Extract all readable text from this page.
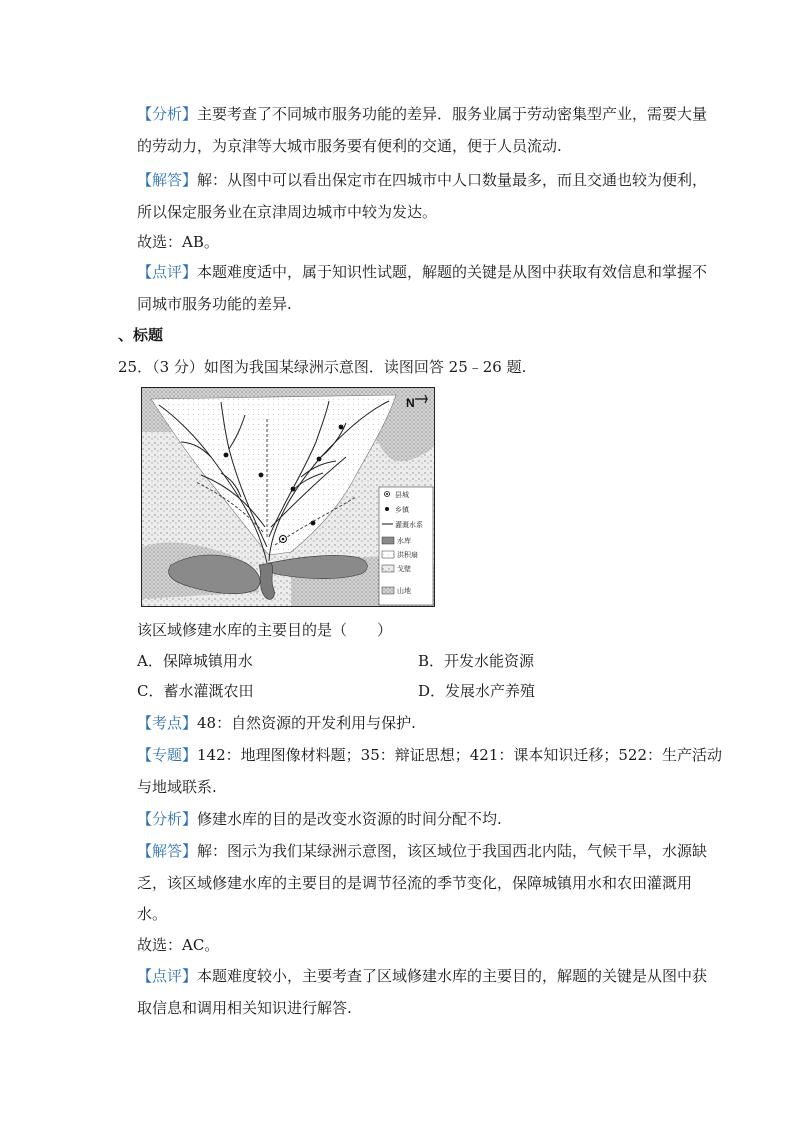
【分析】主要考查了不同城市服务功能的差异．服务业属于劳动密集型产业，需要大量
的劳动力，为京津等大城市服务要有便利的交通，便于人员流动.
【解答】解：从图中可以看出保定市在四城市中人口数量最多，而且交通也较为便利，
所以保定服务业在京津周边城市中较为发达。
故选：AB。
【点评】本题难度适中，属于知识性试题，解题的关键是从图中获取有效信息和掌握不
同城市服务功能的差异.
、标题
25．（3 分）如图为我国某绿洲示意图．读图回答 25﹣26 题.
N
县城
乡镇
灌溉水系
水库
洪积扇
戈壁
山地
该区域修建水库的主要目的是（　　）
A．保障城镇用水	B．开发水能资源
C．蓄水灌溉农田	D．发展水产养殖
【考点】48：自然资源的开发利用与保护.
【专题】142：地理图像材料题；35：辩证思想；421：课本知识迁移；522：生产活动
与地域联系.
【分析】修建水库的目的是改变水资源的时间分配不均.
【解答】解：图示为我们某绿洲示意图，该区域位于我国西北内陆，气候干旱，水源缺
乏，该区域修建水库的主要目的是调节径流的季节变化，保障城镇用水和农田灌溉用
水。
故选：AC。
【点评】本题难度较小，主要考查了区域修建水库的主要目的，解题的关键是从图中获
取信息和调用相关知识进行解答.
